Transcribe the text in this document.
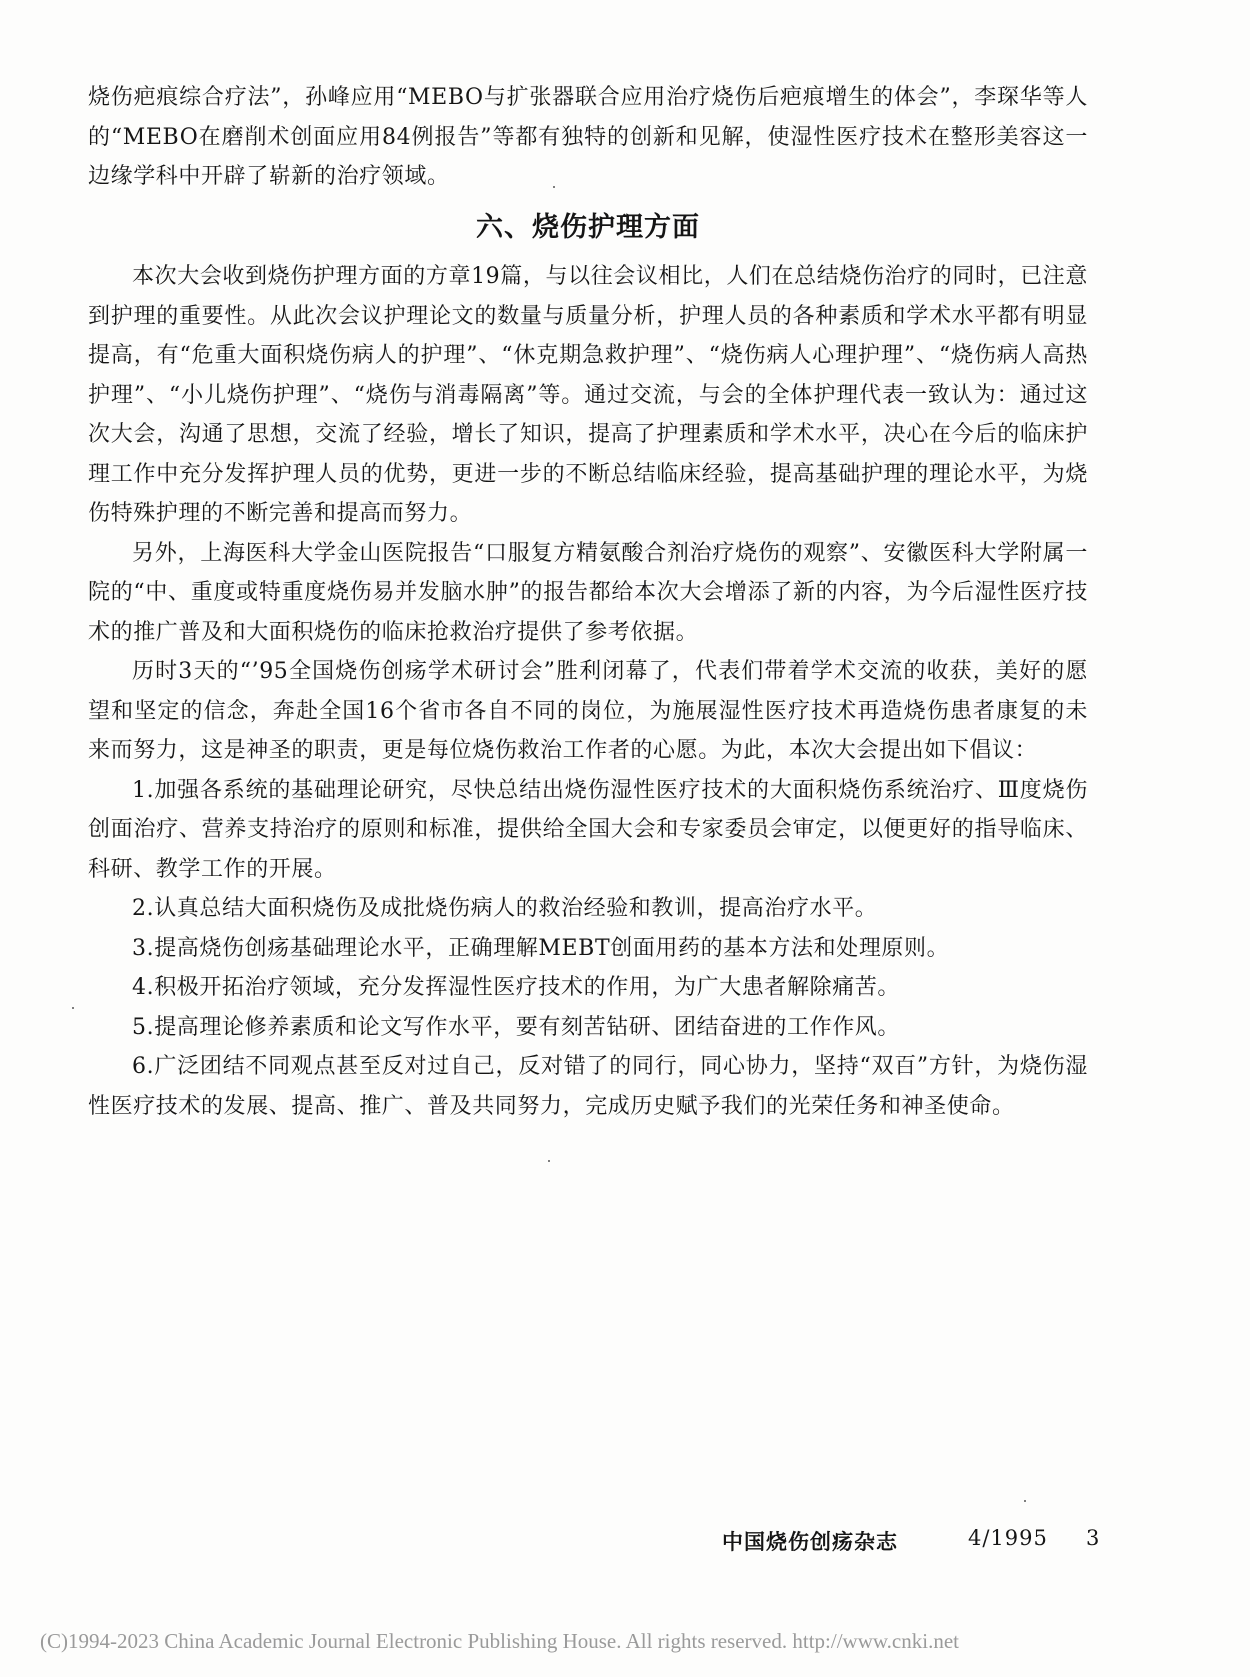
烧伤疤痕综合疗法”，孙峰应用“MEBO与扩张器联合应用治疗烧伤后疤痕增生的体会”，李琛华等人的“MEBO在磨削术创面应用84例报告”等都有独特的创新和见解，使湿性医疗技术在整形美容这一边缘学科中开辟了崭新的治疗领域。

六、烧伤护理方面

本次大会收到烧伤护理方面的方章19篇，与以往会议相比，人们在总结烧伤治疗的同时，已注意到护理的重要性。从此次会议护理论文的数量与质量分析，护理人员的各种素质和学术水平都有明显提高，有“危重大面积烧伤病人的护理”、“休克期急救护理”、“烧伤病人心理护理”、“烧伤病人高热护理”、“小儿烧伤护理”、“烧伤与消毒隔离”等。通过交流，与会的全体护理代表一致认为：通过这次大会，沟通了思想，交流了经验，增长了知识，提高了护理素质和学术水平，决心在今后的临床护理工作中充分发挥护理人员的优势，更进一步的不断总结临床经验，提高基础护理的理论水平，为烧伤特殊护理的不断完善和提高而努力。

另外，上海医科大学金山医院报告“口服复方精氨酸合剂治疗烧伤的观察”、安徽医科大学附属一院的“中、重度或特重度烧伤易并发脑水肿”的报告都给本次大会增添了新的内容，为今后湿性医疗技术的推广普及和大面积烧伤的临床抢救治疗提供了参考依据。

历时3天的“’95全国烧伤创疡学术研讨会”胜利闭幕了，代表们带着学术交流的收获，美好的愿望和坚定的信念，奔赴全国16个省市各自不同的岗位，为施展湿性医疗技术再造烧伤患者康复的未来而努力，这是神圣的职责，更是每位烧伤救治工作者的心愿。为此，本次大会提出如下倡议：

1.加强各系统的基础理论研究，尽快总结出烧伤湿性医疗技术的大面积烧伤系统治疗、Ⅲ度烧伤创面治疗、营养支持治疗的原则和标准，提供给全国大会和专家委员会审定，以便更好的指导临床、科研、教学工作的开展。

2.认真总结大面积烧伤及成批烧伤病人的救治经验和教训，提高治疗水平。

3.提高烧伤创疡基础理论水平，正确理解MEBT创面用药的基本方法和处理原则。

4.积极开拓治疗领域，充分发挥湿性医疗技术的作用，为广大患者解除痛苦。

5.提高理论修养素质和论文写作水平，要有刻苦钻研、团结奋进的工作作风。

6.广泛团结不同观点甚至反对过自己，反对错了的同行，同心协力，坚持“双百”方针，为烧伤湿性医疗技术的发展、提高、推广、普及共同努力，完成历史赋予我们的光荣任务和神圣使命。

中国烧伤创疡杂志	4/1995 3
(C)1994-2023 China Academic Journal Electronic Publishing House. All rights reserved. http://www.cnki.net
